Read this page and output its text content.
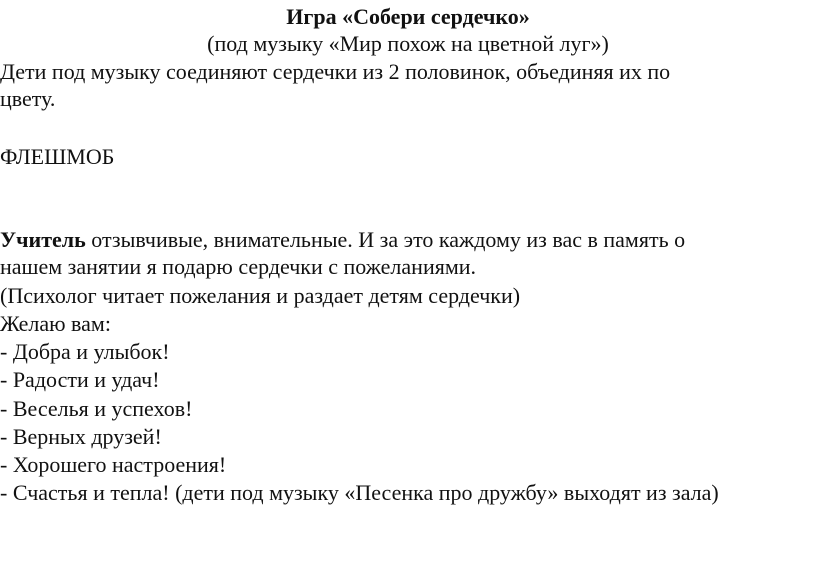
Игра «Собери сердечко»
(под музыку «Мир похож на цветной луг»)
Дети под музыку соединяют сердечки из 2 половинок, объединяя их по
цвету.
ФЛЕШМОБ
Учитель отзывчивые, внимательные. И за это каждому из вас в память о
нашем занятии я подарю сердечки с пожеланиями.
(Психолог читает пожелания и раздает детям сердечки)
Желаю вам:
- Добра и улыбок!
- Радости и удач!
- Веселья и успехов!
- Верных друзей!
- Хорошего настроения!
- Счастья и тепла! (дети под музыку «Песенка про дружбу» выходят из зала)
